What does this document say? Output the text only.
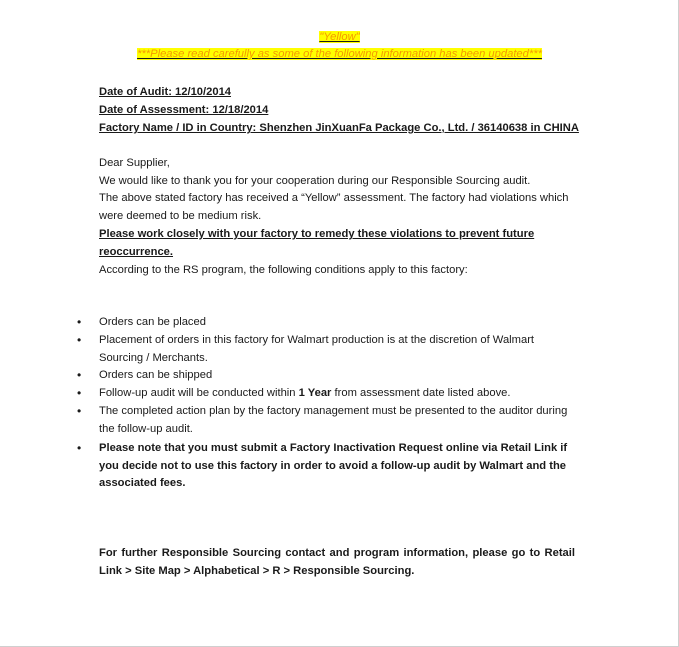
"Yellow"
***Please read carefully as some of the following information has been updated***
Date of Audit: 12/10/2014
Date of Assessment: 12/18/2014
Factory Name / ID in Country: Shenzhen JinXuanFa Package Co., Ltd. / 36140638 in CHINA
Dear Supplier,
We would like to thank you for your cooperation during our Responsible Sourcing audit.
The above stated factory has received a “Yellow” assessment. The factory had violations which were deemed to be medium risk.
Please work closely with your factory to remedy these violations to prevent future reoccurrence.
According to the RS program, the following conditions apply to this factory:
• Orders can be placed
• Placement of orders in this factory for Walmart production is at the discretion of Walmart Sourcing / Merchants.
• Orders can be shipped
• Follow-up audit will be conducted within 1 Year from assessment date listed above.
• The completed action plan by the factory management must be presented to the auditor during the follow-up audit.
• Please note that you must submit a Factory Inactivation Request online via Retail Link if you decide not to use this factory in order to avoid a follow-up audit by Walmart and the associated fees.
For further Responsible Sourcing contact and program information, please go to Retail Link > Site Map > Alphabetical > R > Responsible Sourcing.
